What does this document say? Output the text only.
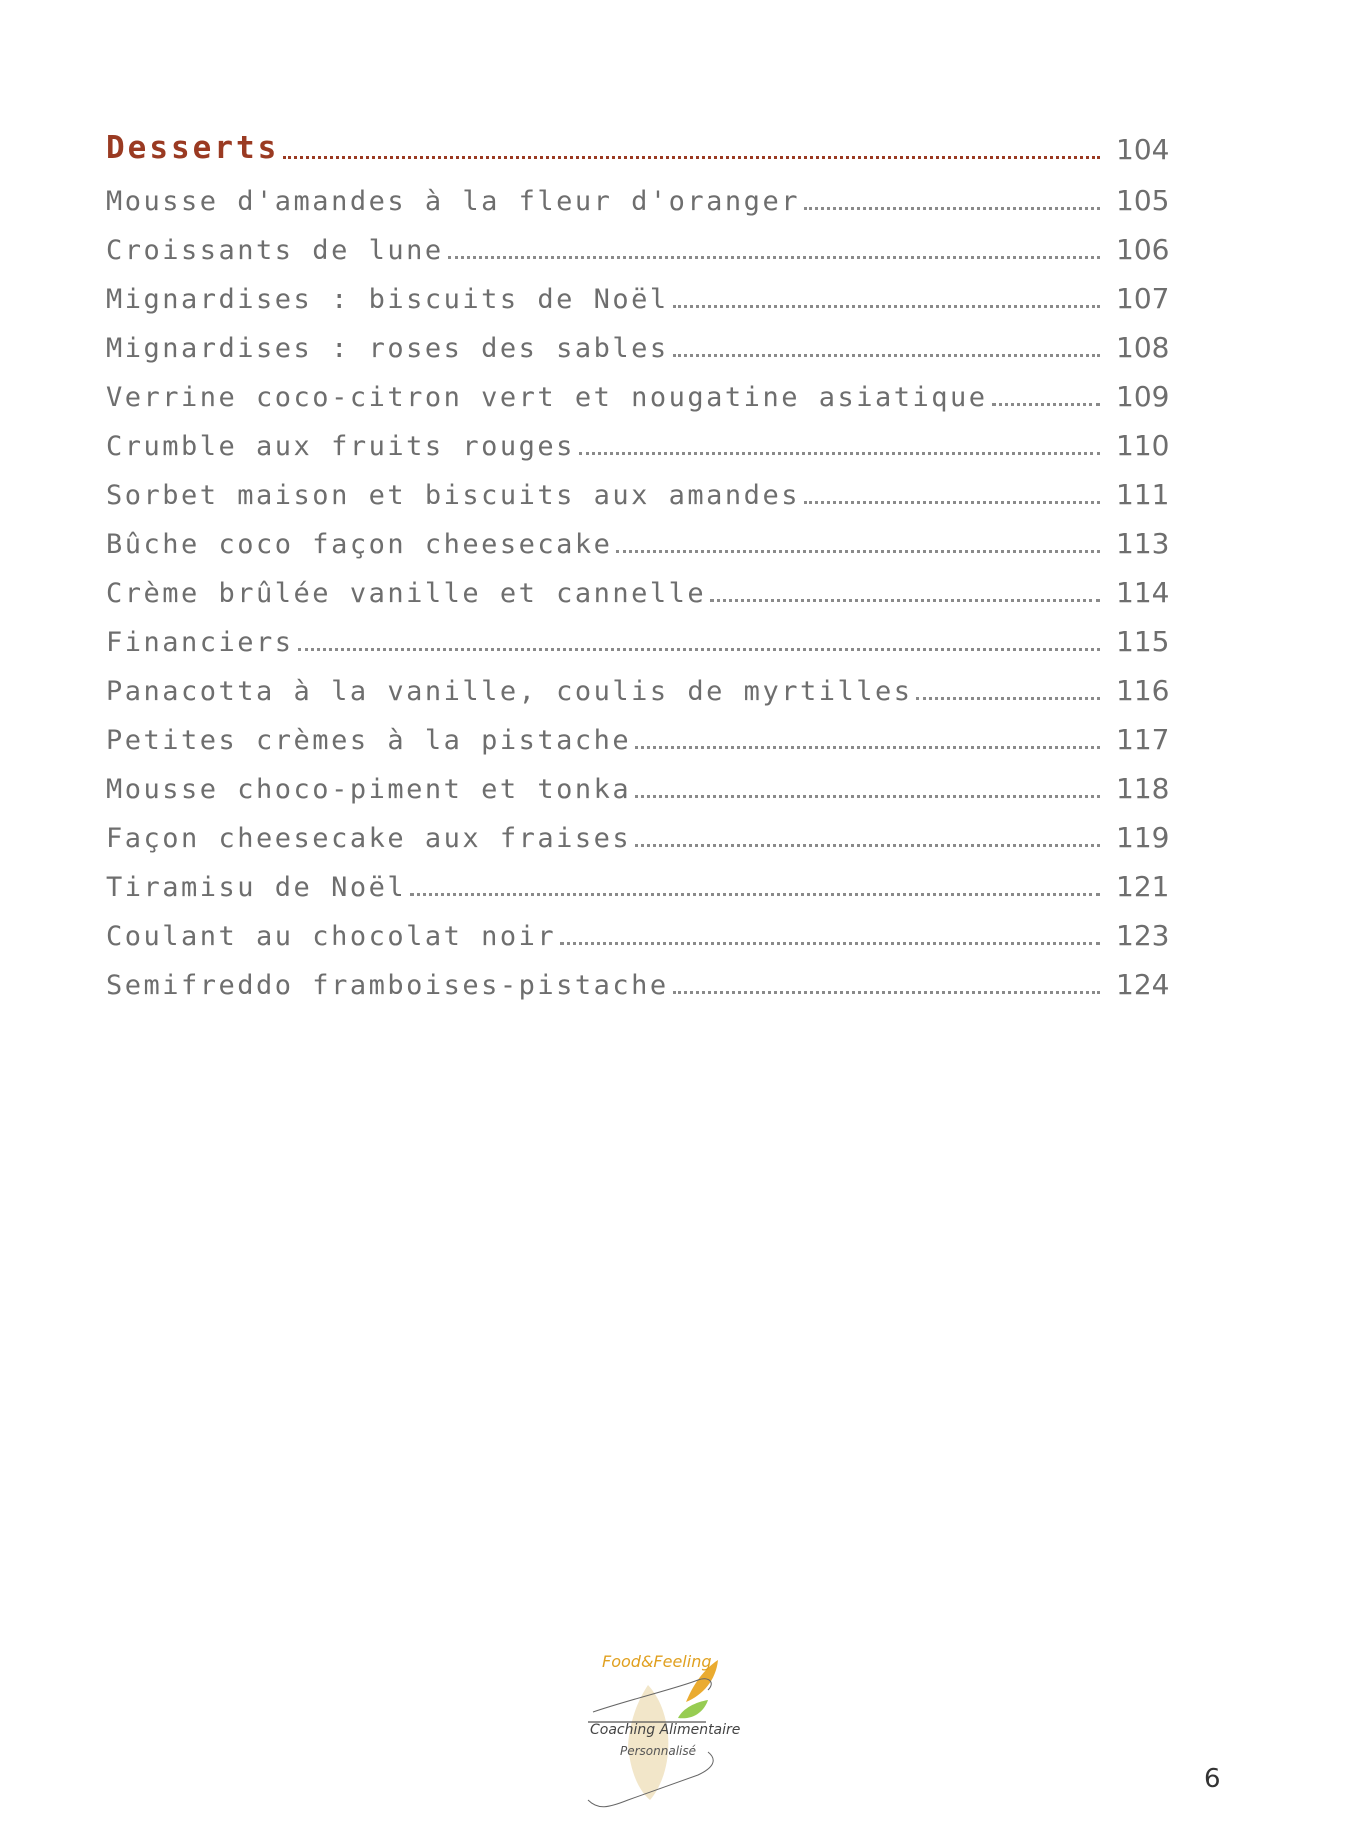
Desserts	104
Mousse d'amandes à la fleur d'oranger	105
Croissants de lune	106
Mignardises : biscuits de Noël	107
Mignardises : roses des sables	108
Verrine coco-citron vert et nougatine asiatique	109
Crumble aux fruits rouges	110
Sorbet maison et biscuits aux amandes	111
Bûche coco façon cheesecake	113
Crème brûlée vanille et cannelle	114
Financiers	115
Panacotta à la vanille, coulis de myrtilles	116
Petites crèmes à la pistache	117
Mousse choco-piment et tonka	118
Façon cheesecake aux fraises	119
Tiramisu de Noël	121
Coulant au chocolat noir	123
Semifreddo framboises-pistache	124
Food&Feeling
Coaching Alimentaire
Personnalisé
6
